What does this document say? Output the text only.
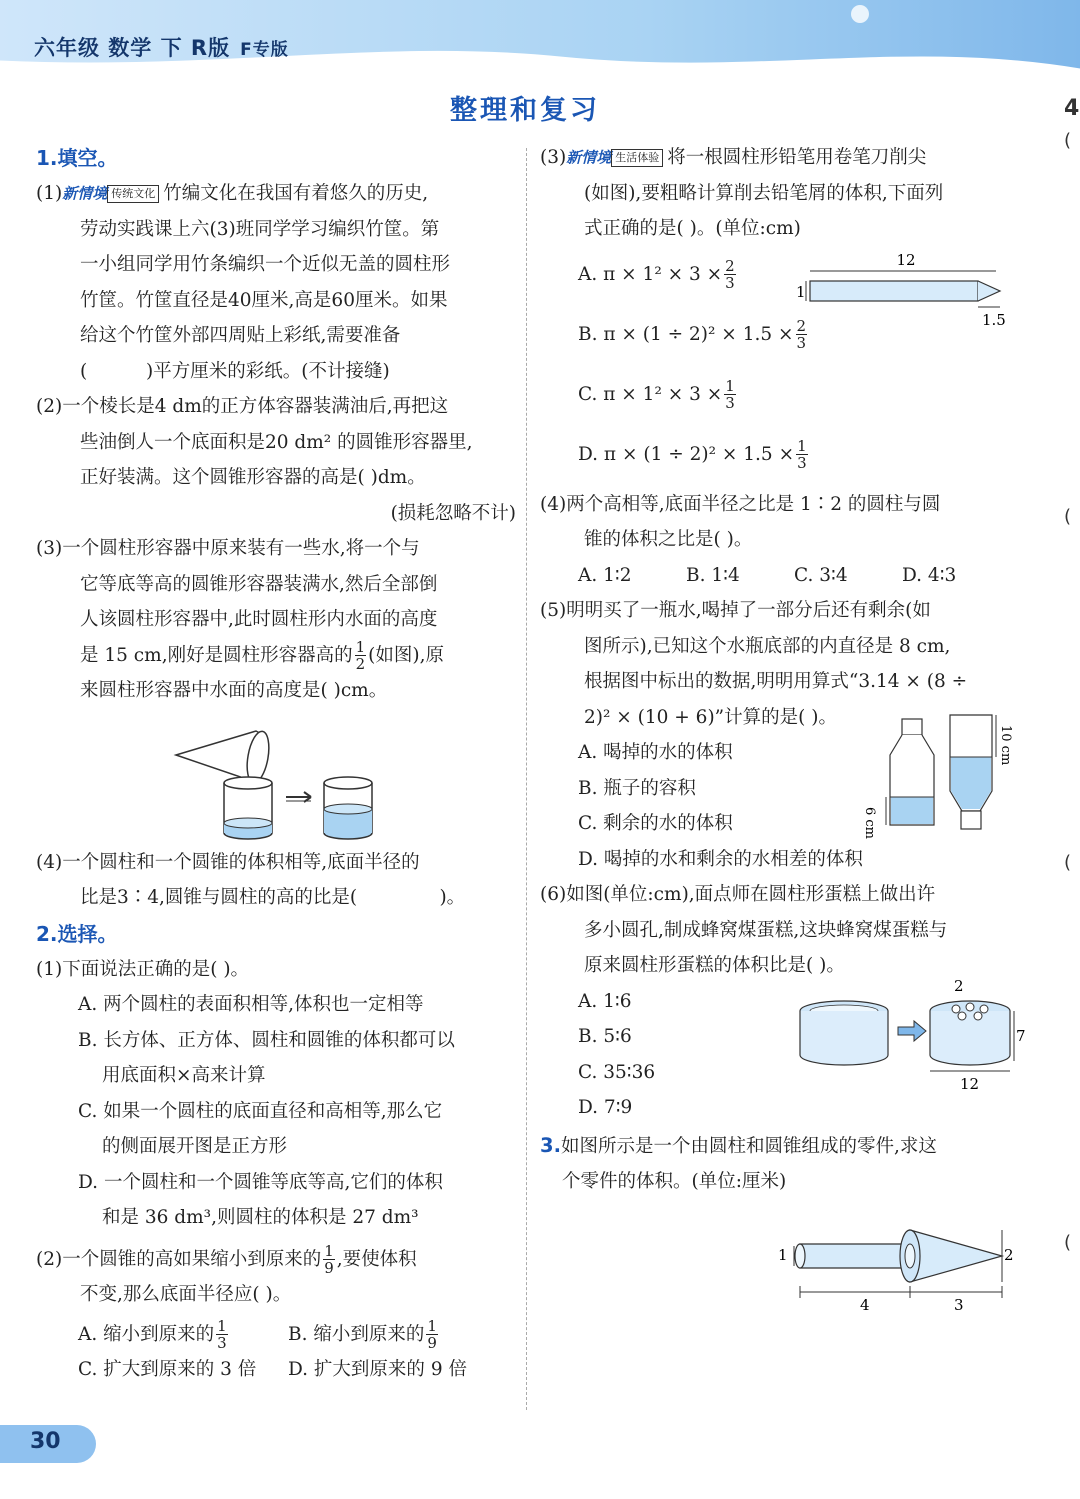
六年级 数学 下 R版 F专版
整理和复习	4
(
(
(
(

1.填空。

(1)新情境 传统文化 竹编文化在我国有着悠久的历史,

劳动实践课上六(3)班同学学习编织竹筐。第

一小组同学用竹条编织一个近似无盖的圆柱形

竹筐。竹筐直径是40厘米,高是60厘米。如果

给这个竹筐外部四周贴上彩纸,需要准备

(          )平方厘米的彩纸。(不计接缝)

(2)一个棱长是4 dm的正方体容器装满油后,再把这

些油倒人一个底面积是20 dm² 的圆锥形容器里,

正好装满。这个圆锥形容器的高是( )dm。

(损耗忽略不计)

(3)一个圆柱形容器中原来装有一些水,将一个与

它等底等高的圆锥形容器装满水,然后全部倒

人该圆柱形容器中,此时圆柱形内水面的高度

是 15 cm,刚好是圆柱形容器高的 $\frac{1}{2}$ (如图),原

来圆柱形容器中水面的高度是( )cm。

(4)一个圆柱和一个圆锥的体积相等,底面半径的

比是3∶4,圆锥与圆柱的高的比是(              )。

2.选择。

(1)下面说法正确的是( )。

A. 两个圆柱的表面积相等,体积也一定相等

B. 长方体、正方体、圆柱和圆锥的体积都可以

用底面积×高来计算

C. 如果一个圆柱的底面直径和高相等,那么它

的侧面展开图是正方形

D. 一个圆柱和一个圆锥等底等高,它们的体积

和是 36 dm³,则圆柱的体积是 27 dm³

(2)一个圆锥的高如果缩小到原来的 $\frac{1}{9}$ ,要使体积

不变,那么底面半径应( )。

A. 缩小到原来的 $\frac{1}{3}$	B. 缩小到原来的 $\frac{1}{9}$

C. 扩大到原来的 3 倍 D. 扩大到原来的 9 倍

(3)新情境 生活体验 将一根圆柱形铅笔用卷笔刀削尖

(如图),要粗略计算削去铅笔屑的体积,下面列

式正确的是( )。(单位:cm)

A. $\pi \times 1^2 \times 3 \times \frac{2}{3}$

B. $\pi \times (1 \div 2)^2 \times 1.5 \times \frac{2}{3}$

C. $\pi \times 1^2 \times 3 \times \frac{1}{3}$

D. $\pi \times (1 \div 2)^2 \times 1.5 \times \frac{1}{3}$

12
1
1.5

(4)两个高相等,底面半径之比是 1∶2 的圆柱与圆

锥的体积之比是( )。

A. 1∶2	B. 1∶4	C. 3∶4	D. 4∶3

(5)明明买了一瓶水,喝掉了一部分后还有剩余(如

图所示),已知这个水瓶底部的内直径是 8 cm,

根据图中标出的数据,明明用算式“3.14 × (8 ÷

2)² × (10 + 6)”计算的是( )。

A. 喝掉的水的体积

B. 瓶子的容积

C. 剩余的水的体积

D. 喝掉的水和剩余的水相差的体积

6 cm
10 cm

(6)如图(单位:cm),面点师在圆柱形蛋糕上做出许

多小圆孔,制成蜂窝煤蛋糕,这块蜂窝煤蛋糕与

原来圆柱形蛋糕的体积比是( )。

A. 1∶6

B. 5∶6

C. 35∶36

D. 7∶9

2
7
12

3.如图所示是一个由圆柱和圆锥组成的零件,求这

个零件的体积。(单位:厘米)

1	2
4	3
30
